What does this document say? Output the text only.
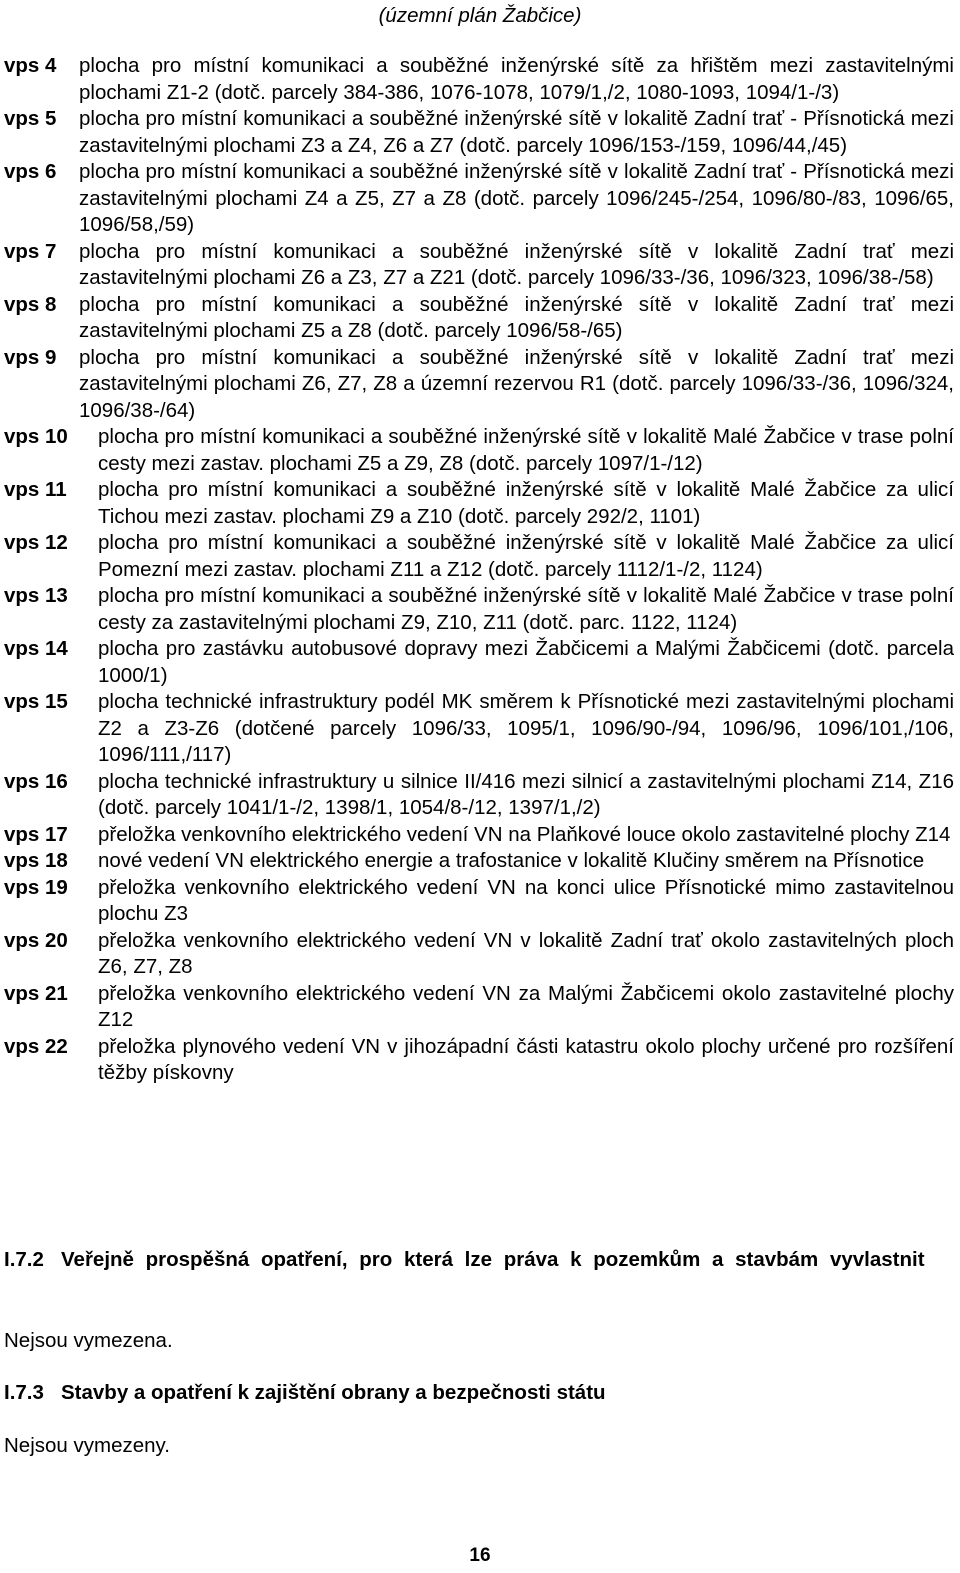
(územní plán Žabčice)
vps 4	plocha pro místní komunikaci a souběžné inženýrské sítě za hřištěm mezi zastavitelnými plochami Z1-2 (dotč. parcely 384-386, 1076-1078, 1079/1,/2, 1080-1093, 1094/1-/3)
vps 5	plocha pro místní komunikaci a souběžné inženýrské sítě v lokalitě Zadní trať - Přísnotická mezi zastavitelnými plochami Z3 a Z4, Z6 a Z7 (dotč. parcely 1096/153-/159, 1096/44,/45)
vps 6	plocha pro místní komunikaci a souběžné inženýrské sítě v lokalitě Zadní trať - Přísnotická mezi zastavitelnými plochami Z4 a Z5, Z7 a Z8 (dotč. parcely 1096/245-/254, 1096/80-/83, 1096/65, 1096/58,/59)
vps 7	plocha pro místní komunikaci a souběžné inženýrské sítě v lokalitě Zadní trať mezi zastavitelnými plochami Z6 a Z3, Z7 a Z21 (dotč. parcely 1096/33-/36, 1096/323, 1096/38-/58)
vps 8	plocha pro místní komunikaci a souběžné inženýrské sítě v lokalitě Zadní trať mezi zastavitelnými plochami Z5 a Z8 (dotč. parcely 1096/58-/65)
vps 9	plocha pro místní komunikaci a souběžné inženýrské sítě v lokalitě Zadní trať mezi zastavitelnými plochami Z6, Z7, Z8 a územní rezervou R1 (dotč. parcely 1096/33-/36, 1096/324, 1096/38-/64)
vps 10	plocha pro místní komunikaci a souběžné inženýrské sítě v lokalitě Malé Žabčice v trase polní cesty mezi zastav. plochami Z5 a Z9, Z8 (dotč. parcely 1097/1-/12)
vps 11	plocha pro místní komunikaci a souběžné inženýrské sítě v lokalitě Malé Žabčice za ulicí Tichou mezi zastav. plochami Z9 a Z10 (dotč. parcely 292/2, 1101)
vps 12	plocha pro místní komunikaci a souběžné inženýrské sítě v lokalitě Malé Žabčice za ulicí Pomezní mezi zastav. plochami Z11 a Z12 (dotč. parcely 1112/1-/2, 1124)
vps 13	plocha pro místní komunikaci a souběžné inženýrské sítě v lokalitě Malé Žabčice v trase polní cesty za zastavitelnými plochami Z9, Z10, Z11 (dotč. parc. 1122, 1124)
vps 14	plocha pro zastávku autobusové dopravy mezi Žabčicemi a Malými Žabčicemi (dotč. parcela 1000/1)
vps 15	plocha technické infrastruktury podél MK směrem k Přísnotické mezi zastavitelnými plochami Z2 a Z3-Z6 (dotčené parcely 1096/33, 1095/1, 1096/90-/94, 1096/96, 1096/101,/106, 1096/111,/117)
vps 16	plocha technické infrastruktury u silnice II/416 mezi silnicí a zastavitelnými plochami Z14, Z16 (dotč. parcely 1041/1-/2, 1398/1, 1054/8-/12, 1397/1,/2)
vps 17	přeložka venkovního elektrického vedení VN na Plaňkové louce okolo zastavitelné plochy Z14
vps 18	nové vedení VN elektrického energie a trafostanice v lokalitě Klučiny směrem na Přísnotice
vps 19	přeložka venkovního elektrického vedení VN na konci ulice Přísnotické mimo zastavitelnou plochu Z3
vps 20	přeložka venkovního elektrického vedení VN v lokalitě Zadní trať okolo zastavitelných ploch Z6, Z7, Z8
vps 21	přeložka venkovního elektrického vedení VN za Malými Žabčicemi okolo zastavitelné plochy Z12
vps 22	přeložka plynového vedení VN v jihozápadní části katastru okolo plochy určené pro rozšíření těžby pískovny
I.7.2 Veřejně prospěšná opatření, pro která lze práva k pozemkům a stavbám vyvlastnit
Nejsou vymezena.
I.7.3 Stavby a opatření k zajištění obrany a bezpečnosti státu
Nejsou vymezeny.
16
